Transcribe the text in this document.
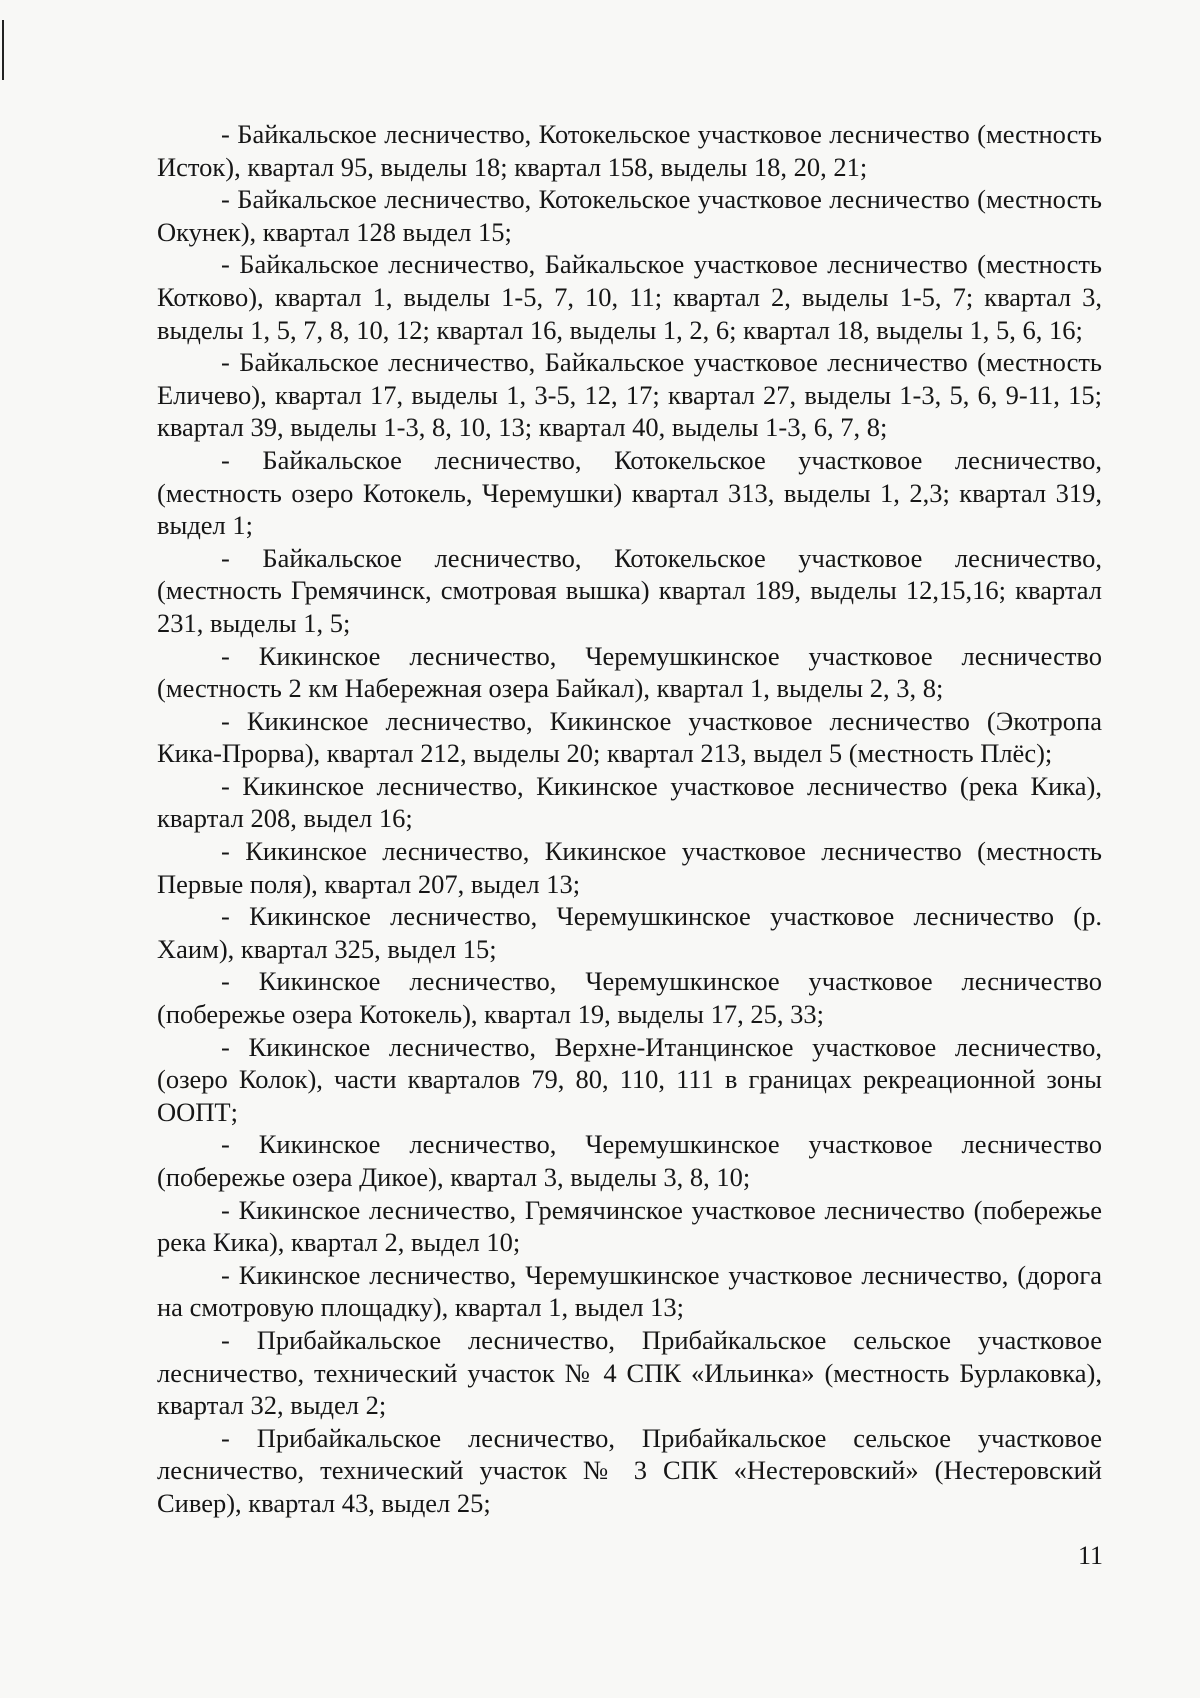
- Байкальское лесничество, Котокельское участковое лесничество (местность Исток), квартал 95, выделы 18; квартал 158, выделы 18, 20, 21;

- Байкальское лесничество, Котокельское участковое лесничество (местность Окунек), квартал 128 выдел 15;

- Байкальское лесничество, Байкальское участковое лесничество (местность Котково), квартал 1, выделы 1-5, 7, 10, 11; квартал 2, выделы 1-5, 7; квартал 3, выделы 1, 5, 7, 8, 10, 12; квартал 16, выделы 1, 2, 6; квартал 18, выделы 1, 5, 6, 16;

- Байкальское лесничество, Байкальское участковое лесничество (местность Еличево), квартал 17, выделы 1, 3-5, 12, 17; квартал 27, выделы 1-3, 5, 6, 9-11, 15; квартал 39, выделы 1-3, 8, 10, 13; квартал 40, выделы 1-3, 6, 7, 8;

- Байкальское лесничество, Котокельское участковое лесничество, (местность озеро Котокель, Черемушки) квартал 313, выделы 1, 2,3; квартал 319, выдел 1;

- Байкальское лесничество, Котокельское участковое лесничество, (местность Гремячинск, смотровая вышка) квартал 189, выделы 12,15,16; квартал 231, выделы 1, 5;

- Кикинское лесничество, Черемушкинское участковое лесничество (местность 2 км Набережная озера Байкал), квартал 1, выделы 2, 3, 8;

- Кикинское лесничество, Кикинское участковое лесничество (Экотропа Кика-Прорва), квартал 212, выделы 20; квартал 213, выдел 5 (местность Плёс);

- Кикинское лесничество, Кикинское участковое лесничество (река Кика), квартал 208, выдел 16;

- Кикинское лесничество, Кикинское участковое лесничество (местность Первые поля), квартал 207, выдел 13;

- Кикинское лесничество, Черемушкинское участковое лесничество (р. Хаим), квартал 325, выдел 15;

- Кикинское лесничество, Черемушкинское участковое лесничество (побережье озера Котокель), квартал 19, выделы 17, 25, 33;

- Кикинское лесничество, Верхне-Итанцинское участковое лесничество, (озеро Колок), части кварталов 79, 80, 110, 111 в границах рекреационной зоны ООПТ;

- Кикинское лесничество, Черемушкинское участковое лесничество (побережье озера Дикое), квартал 3, выделы 3, 8, 10;

- Кикинское лесничество, Гремячинское участковое лесничество (побережье река Кика), квартал 2, выдел 10;

- Кикинское лесничество, Черемушкинское участковое лесничество, (дорога на смотровую площадку), квартал 1, выдел 13;

- Прибайкальское лесничество, Прибайкальское сельское участковое лесничество, технический участок № 4 СПК «Ильинка» (местность Бурлаковка), квартал 32, выдел 2;

- Прибайкальское лесничество, Прибайкальское сельское участковое лесничество, технический участок № 3 СПК «Нестеровский» (Нестеровский Сивер), квартал 43, выдел 25;

11
